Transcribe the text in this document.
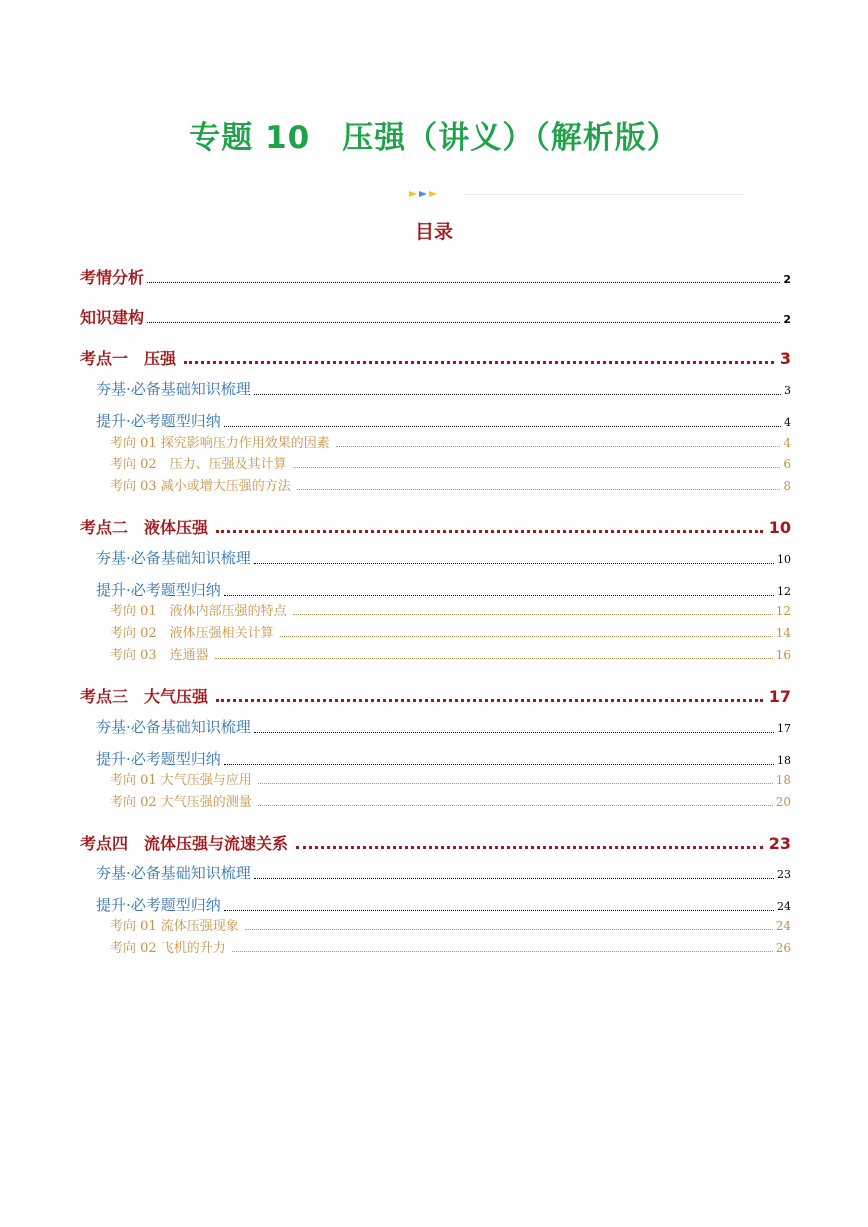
专题 10　压强（讲义）（解析版）
目录
考情分析	2
知识建构	2
考点一　压强	3
夯基·必备基础知识梳理	3
提升·必考题型归纳	4
考向 01 探究影响压力作用效果的因素	4
考向 02　压力、压强及其计算	6
考向 03 减小或增大压强的方法	8
考点二　液体压强	10
夯基·必备基础知识梳理	10
提升·必考题型归纳	12
考向 01　液体内部压强的特点	12
考向 02　液体压强相关计算	14
考向 03　连通器	16
考点三　大气压强	17
夯基·必备基础知识梳理	17
提升·必考题型归纳	18
考向 01 大气压强与应用	18
考向 02 大气压强的测量	20
考点四　流体压强与流速关系	23
夯基·必备基础知识梳理	23
提升·必考题型归纳	24
考向 01 流体压强现象	24
考向 02 飞机的升力	26
